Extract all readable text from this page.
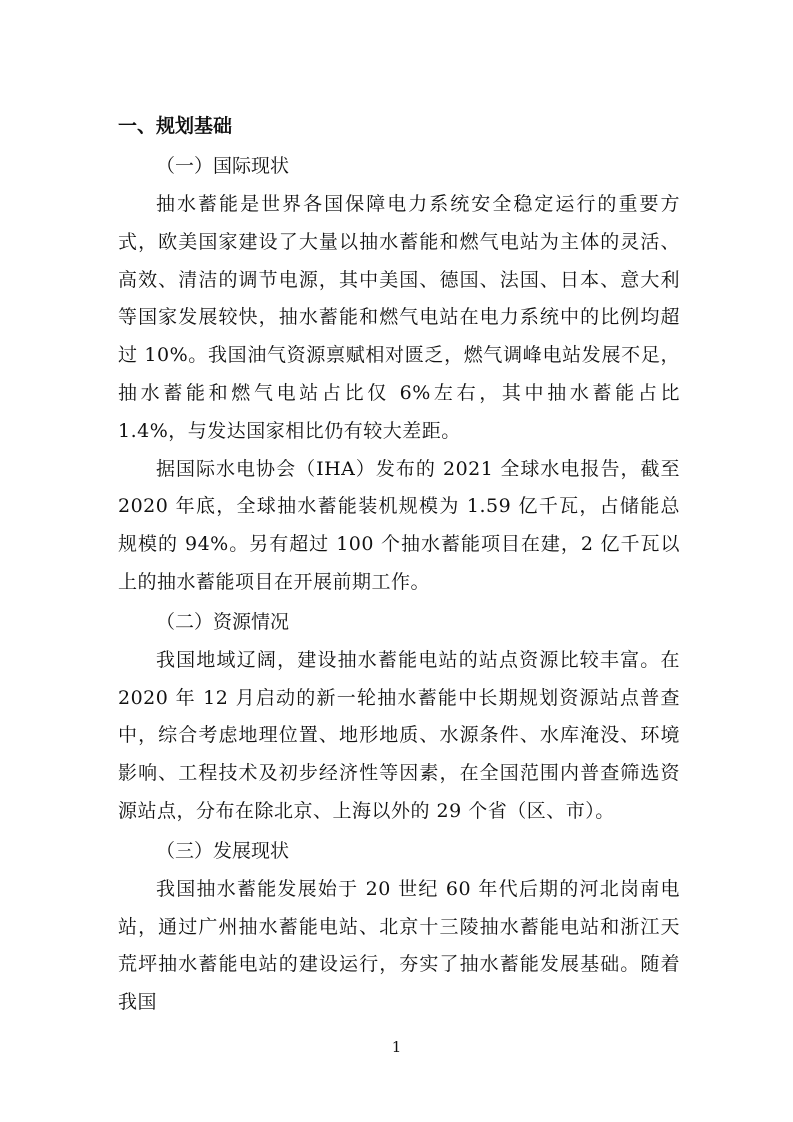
一、规划基础
（一）国际现状

抽水蓄能是世界各国保障电力系统安全稳定运行的重要方式，欧美国家建设了大量以抽水蓄能和燃气电站为主体的灵活、高效、清洁的调节电源，其中美国、德国、法国、日本、意大利等国家发展较快，抽水蓄能和燃气电站在电力系统中的比例均超过 10%。我国油气资源禀赋相对匮乏，燃气调峰电站发展不足，抽水蓄能和燃气电站占比仅 6%左右，其中抽水蓄能占比 1.4%，与发达国家相比仍有较大差距。

据国际水电协会（IHA）发布的 2021 全球水电报告，截至 2020 年底，全球抽水蓄能装机规模为 1.59 亿千瓦，占储能总规模的 94%。另有超过 100 个抽水蓄能项目在建，2 亿千瓦以上的抽水蓄能项目在开展前期工作。

（二）资源情况

我国地域辽阔，建设抽水蓄能电站的站点资源比较丰富。在 2020 年 12 月启动的新一轮抽水蓄能中长期规划资源站点普查中，综合考虑地理位置、地形地质、水源条件、水库淹没、环境影响、工程技术及初步经济性等因素，在全国范围内普查筛选资源站点，分布在除北京、上海以外的 29 个省（区、市）。

（三）发展现状

我国抽水蓄能发展始于 20 世纪 60 年代后期的河北岗南电站，通过广州抽水蓄能电站、北京十三陵抽水蓄能电站和浙江天荒坪抽水蓄能电站的建设运行，夯实了抽水蓄能发展基础。随着我国

1
